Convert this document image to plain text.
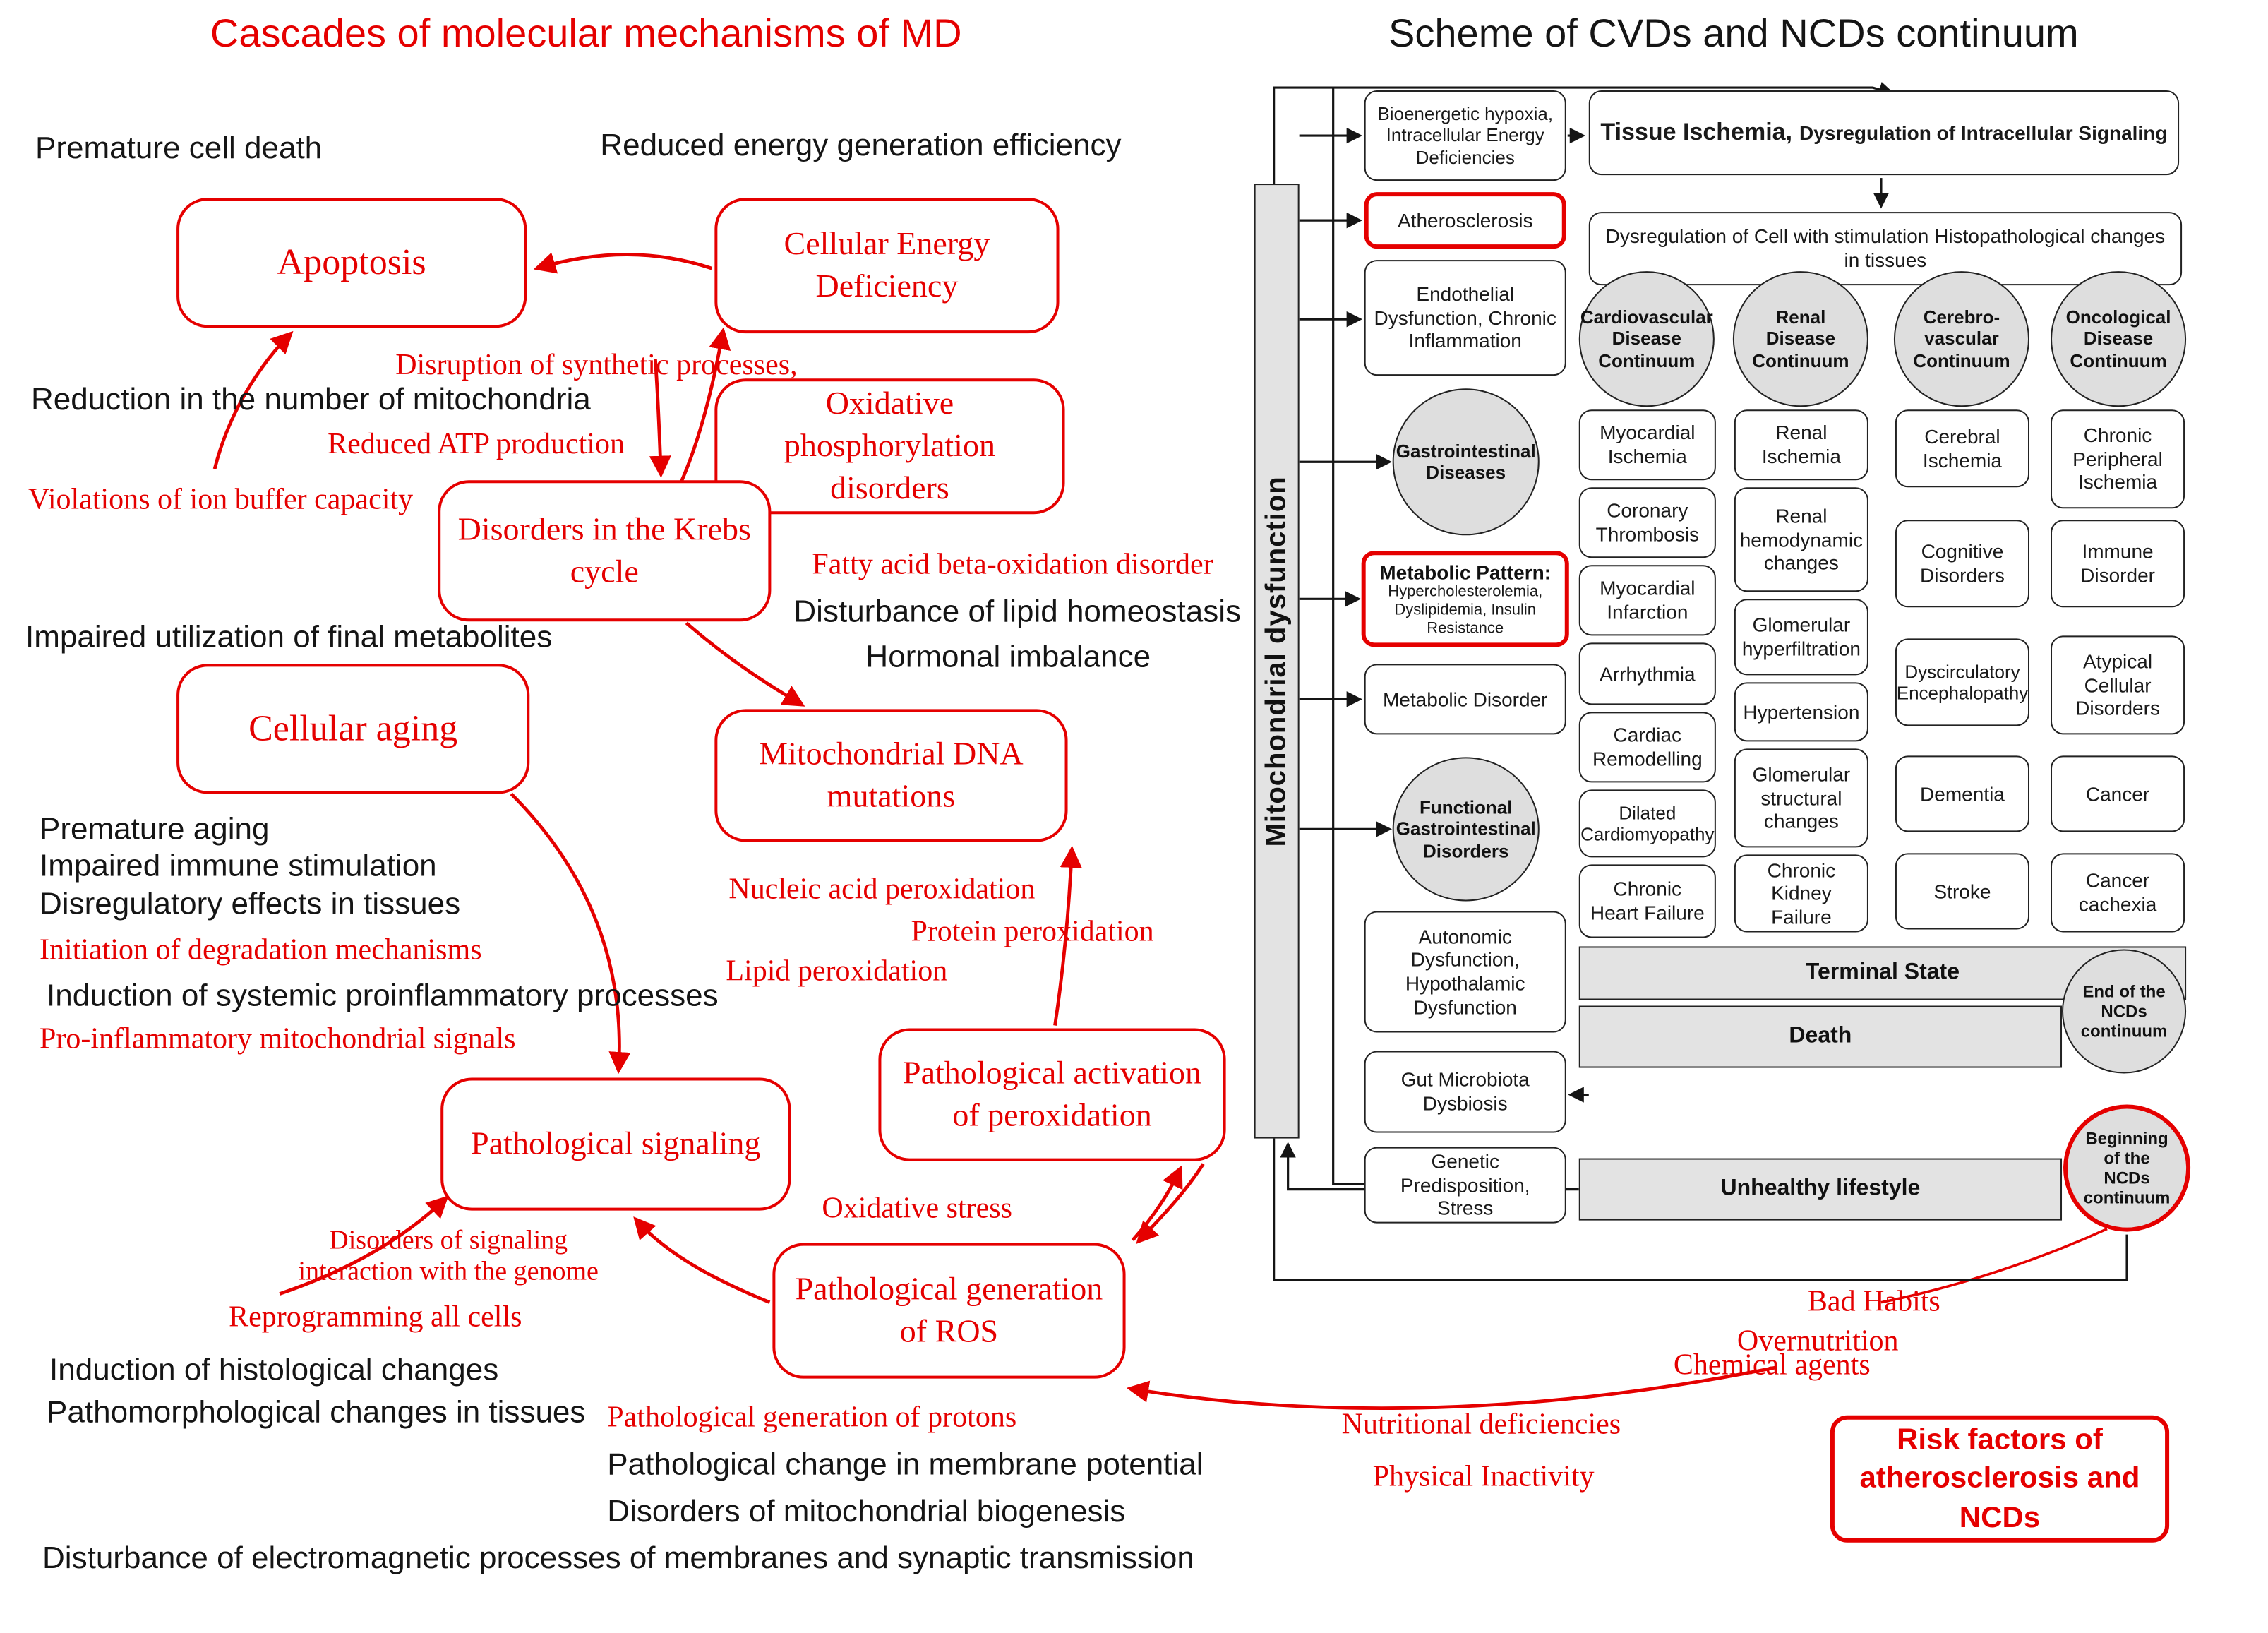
Cascades of molecular mechanisms of MD
Apoptosis	Cellular Energy Deficiency
Oxidative phosphorylation disorders
Disorders in the Krebs cycle
Cellular aging
Mitochondrial DNA mutations
Pathological activation of peroxidation
Pathological signaling
Pathological generation of ROS
Premature cell death	Reduced energy generation efficiency
Reduction in the number of mitochondria
Impaired utilization of final metabolites
Disturbance of lipid homeostasis
Hormonal imbalance
Premature aging
Impaired immune stimulation
Disregulatory effects in tissues
Induction of systemic proinflammatory processes
Induction of histological changes
Pathomorphological changes in tissues
Pathological change in membrane potential
Disorders of mitochondrial biogenesis
Disturbance of electromagnetic processes of membranes and synaptic transmission
Disruption of synthetic processes,
Reduced ATP production
Violations of ion buffer capacity
Fatty acid beta-oxidation disorder
Nucleic acid peroxidation
Protein peroxidation
Lipid peroxidation
Initiation of degradation mechanisms
Pro-inflammatory mitochondrial signals
Oxidative stress
Disorders of signaling interaction with the genome
Reprogramming all cells
Pathological generation of protons
Bad Habits
Overnutrition
Chemical agents
Nutritional deficiencies
Physical Inactivity
Scheme of CVDs and NCDs continuum
Mitochondrial dysfunction
Bioenergetic hypoxia, Intracellular Energy Deficiencies
Atherosclerosis
Endothelial Dysfunction, Chronic Inflammation
Gastrointestinal Diseases
Metabolic Pattern:
Hypercholesterolemia, Dyslipidemia, Insulin Resistance
Metabolic Disorder
Functional Gastrointestinal Disorders
Autonomic Dysfunction, Hypothalamic Dysfunction
Gut Microbiota Dysbiosis
Genetic Predisposition, Stress
Tissue Ischemia, Dysregulation of Intracellular Signaling
Dysregulation of Cell with stimulation Histopathological changes in tissues
Cardiovascular Disease Continuum
Renal Disease Continuum
Cerebro-vascular Continuum
Oncological Disease Continuum
Myocardial Ischemia
Coronary Thrombosis
Myocardial Infarction
Arrhythmia
Cardiac Remodelling
Dilated Cardiomyopathy
Chronic Heart Failure
Renal Ischemia
Renal hemodynamic changes
Glomerular hyperfiltration
Hypertension
Glomerular structural changes
Chronic Kidney Failure
Cerebral Ischemia
Cognitive Disorders
Dyscirculatory Encephalopathy
Dementia
Stroke
Chronic Peripheral Ischemia
Immune Disorder
Atypical Cellular Disorders
Cancer
Cancer cachexia
Terminal State
Death
End of the NCDs continuum
Unhealthy lifestyle
Beginning of the NCDs continuum
Risk factors of atherosclerosis and NCDs
